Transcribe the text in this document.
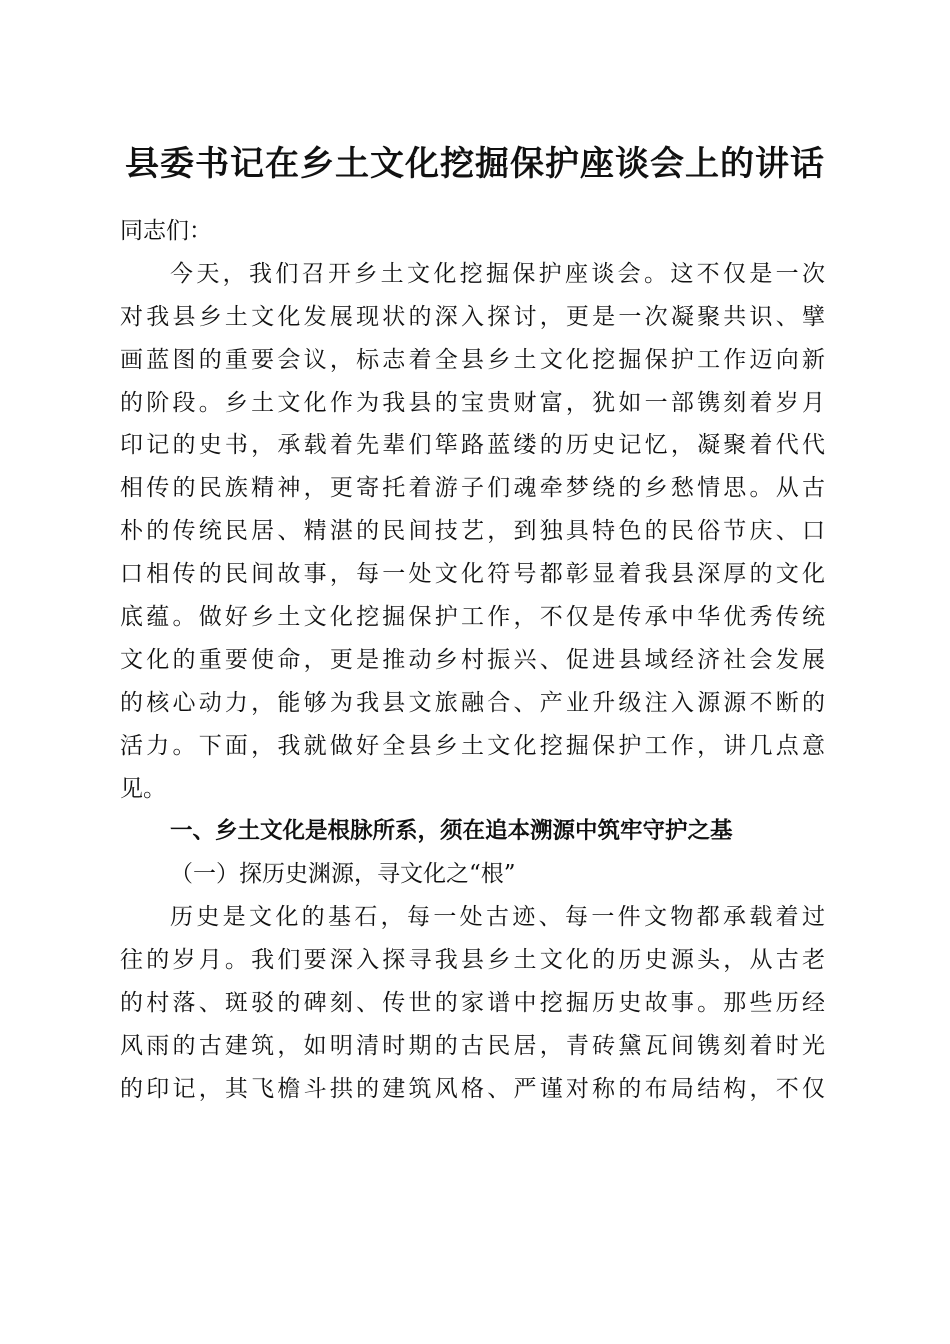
县委书记在乡土文化挖掘保护座谈会上的讲话
同志们：
今天，我们召开乡土文化挖掘保护座谈会。这不仅是一次
对我县乡土文化发展现状的深入探讨，更是一次凝聚共识、擘
画蓝图的重要会议，标志着全县乡土文化挖掘保护工作迈向新
的阶段。乡土文化作为我县的宝贵财富，犹如一部镌刻着岁月
印记的史书，承载着先辈们筚路蓝缕的历史记忆，凝聚着代代
相传的民族精神，更寄托着游子们魂牵梦绕的乡愁情思。从古
朴的传统民居、精湛的民间技艺，到独具特色的民俗节庆、口
口相传的民间故事，每一处文化符号都彰显着我县深厚的文化
底蕴。做好乡土文化挖掘保护工作，不仅是传承中华优秀传统
文化的重要使命，更是推动乡村振兴、促进县域经济社会发展
的核心动力，能够为我县文旅融合、产业升级注入源源不断的
活力。下面，我就做好全县乡土文化挖掘保护工作，讲几点意
见。
一、乡土文化是根脉所系，须在追本溯源中筑牢守护之基
（一）探历史渊源，寻文化之“根”
历史是文化的基石，每一处古迹、每一件文物都承载着过
往的岁月。我们要深入探寻我县乡土文化的历史源头，从古老
的村落、斑驳的碑刻、传世的家谱中挖掘历史故事。那些历经
风雨的古建筑，如明清时期的古民居，青砖黛瓦间镌刻着时光
的印记，其飞檐斗拱的建筑风格、严谨对称的布局结构，不仅
